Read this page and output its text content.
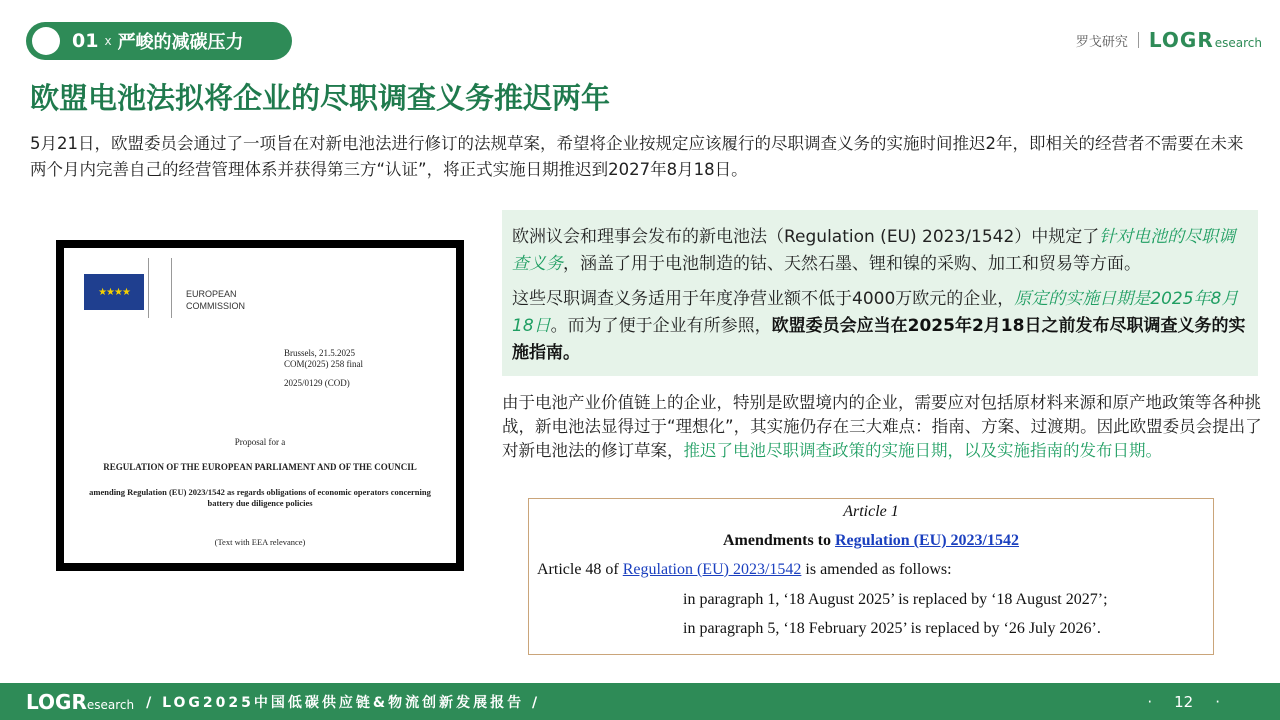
01 x 严峻的减碳压力	罗戈研究 LOGR esearch
欧盟电池法拟将企业的尽职调查义务推迟两年
5月21日，欧盟委员会通过了一项旨在对新电池法进行修订的法规草案，希望将企业按规定应该履行的尽职调查义务的实施时间推迟2年，即相关的经营者不需要在未来两个月内完善自己的经营管理体系并获得第三方“认证”，将正式实施日期推迟到2027年8月18日。
★★★★	EUROPEAN
COMMISSION
Brussels, 21.5.2025
COM(2025) 258 final
2025/0129 (COD)
Proposal for a
REGULATION OF THE EUROPEAN PARLIAMENT AND OF THE COUNCIL
amending Regulation (EU) 2023/1542 as regards obligations of economic operators concerning battery due diligence policies
(Text with EEA relevance)
欧洲议会和理事会发布的新电池法（Regulation (EU) 2023/1542）中规定了针对电池的尽职调查义务，涵盖了用于电池制造的钴、天然石墨、锂和镍的采购、加工和贸易等方面。
这些尽职调查义务适用于年度净营业额不低于4000万欧元的企业，原定的实施日期是2025年8月18日。而为了便于企业有所参照，欧盟委员会应当在2025年2月18日之前发布尽职调查义务的实施指南。
由于电池产业价值链上的企业，特别是欧盟境内的企业，需要应对包括原材料来源和原产地政策等各种挑战，新电池法显得过于“理想化”，其实施仍存在三大难点：指南、方案、过渡期。因此欧盟委员会提出了对新电池法的修订草案，推迟了电池尽职调查政策的实施日期，以及实施指南的发布日期。
Article 1
Amendments to Regulation (EU) 2023/1542
Article 48 of Regulation (EU) 2023/1542 is amended as follows:
in paragraph 1, ‘18 August 2025’ is replaced by ‘18 August 2027’;
in paragraph 5, ‘18 February 2025’ is replaced by ‘26 July 2026’.
LOGR esearch / LOG2025中国低碳供应链&物流创新发展报告 /	· 12 ·
